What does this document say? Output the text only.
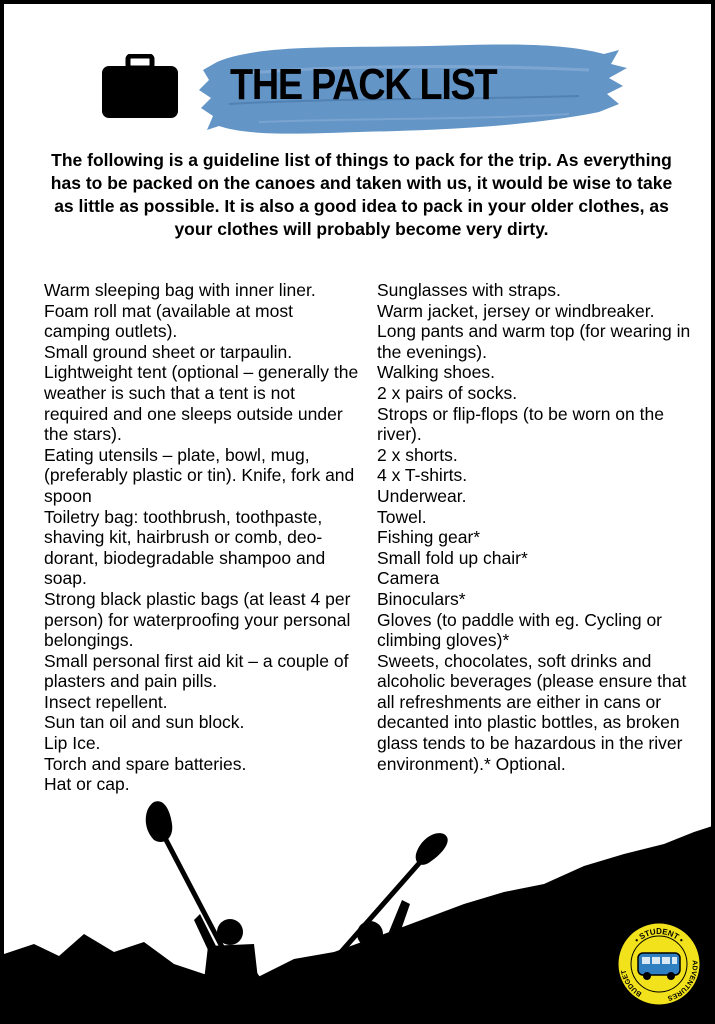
THE PACK LIST
The following is a guideline list of things to pack for the trip. As everything has to be packed on the canoes and taken with us, it would be wise to take as little as possible. It is also a good idea to pack in your older clothes, as your clothes will probably become very dirty.

Warm sleeping bag with inner liner.

Foam roll mat (available at most camping outlets).

Small ground sheet or tarpaulin.

Lightweight tent (optional – generally the weather is such that a tent is not required and one sleeps outside under the stars).

Eating utensils – plate, bowl, mug, (preferably plastic or tin). Knife, fork and spoon

Toiletry bag: toothbrush, toothpaste, shaving kit, hairbrush or comb, deo-dorant, biodegradable shampoo and soap.

Strong black plastic bags (at least 4 per person) for waterproofing your personal belongings.

Small personal first aid kit – a couple of plasters and pain pills.

Insect repellent.

Sun tan oil and sun block.

Lip Ice.

Torch and spare batteries.

Hat or cap.

Sunglasses with straps.

Warm jacket, jersey or windbreaker.

Long pants and warm top (for wearing in the evenings).

Walking shoes.

2 x pairs of socks.

Strops or flip-flops (to be worn on the river).

2 x shorts.

4 x T-shirts.

Underwear.

Towel.

Fishing gear*

Small fold up chair*

Camera

Binoculars*

Gloves (to paddle with eg. Cycling or climbing gloves)*

Sweets, chocolates, soft drinks and alcoholic beverages (please ensure that all refreshments are either in cans or decanted into plastic bottles, as broken glass tends to be hazardous in the river environment).* Optional.

• STUDENT •
BUDGET
ADVENTURES
